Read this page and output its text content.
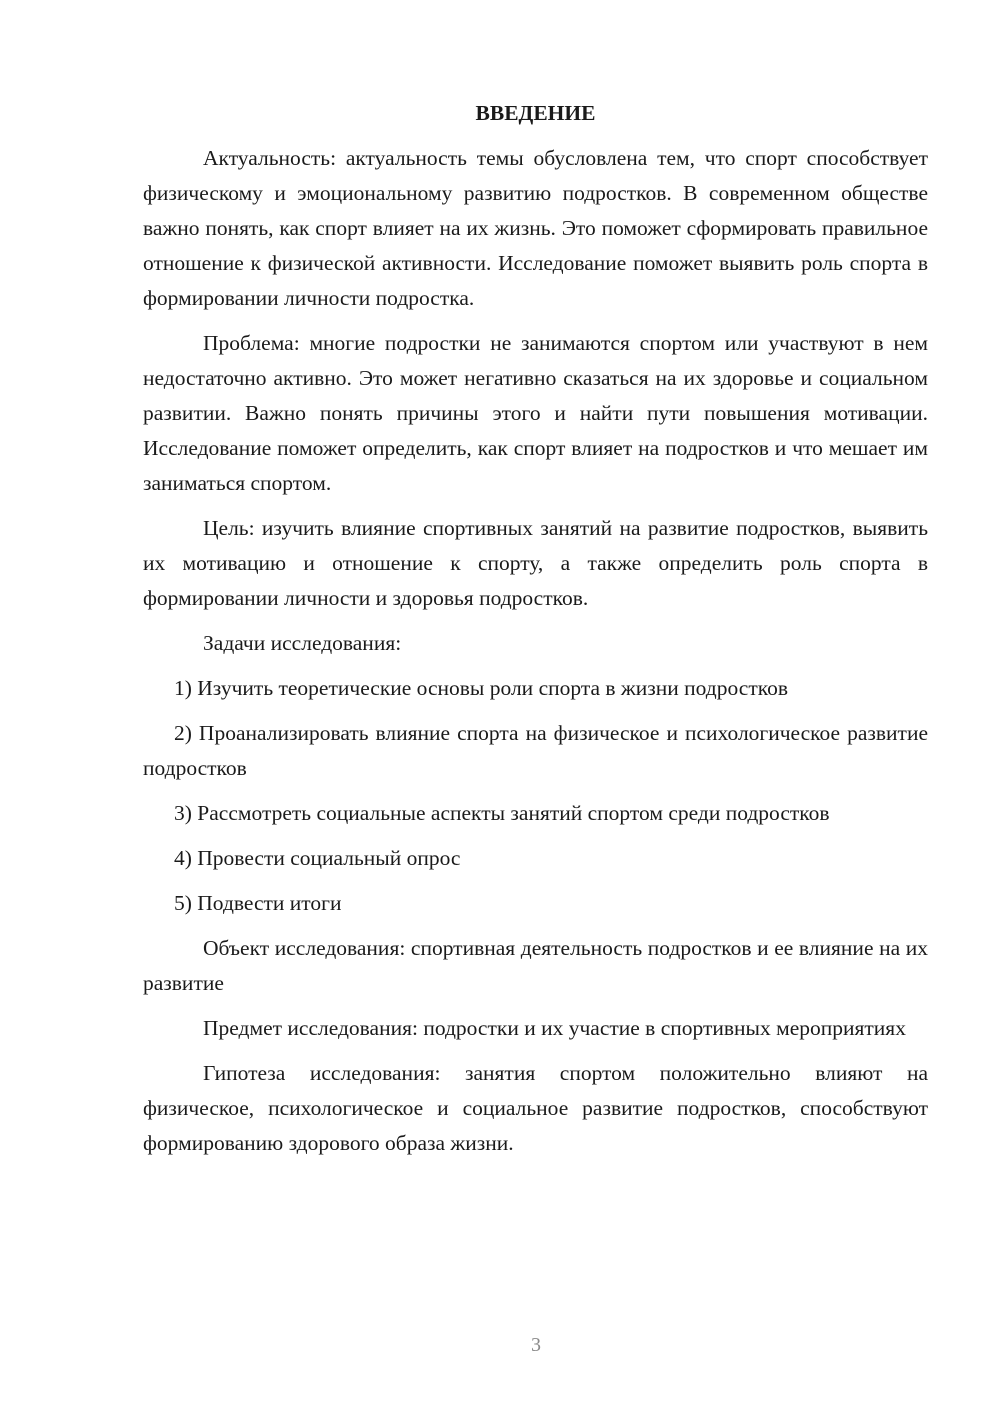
ВВЕДЕНИЕ

Актуальность: актуальность темы обусловлена тем, что спорт способствует физическому и эмоциональному развитию подростков. В современном обществе важно понять, как спорт влияет на их жизнь. Это поможет сформировать правильное отношение к физической активности. Исследование поможет выявить роль спорта в формировании личности подростка.

Проблема: многие подростки не занимаются спортом или участвуют в нем недостаточно активно. Это может негативно сказаться на их здоровье и социальном развитии. Важно понять причины этого и найти пути повышения мотивации. Исследование поможет определить, как спорт влияет на подростков и что мешает им заниматься спортом.

Цель: изучить влияние спортивных занятий на развитие подростков, выявить их мотивацию и отношение к спорту, а также определить роль спорта в формировании личности и здоровья подростков.

Задачи исследования:

1) Изучить теоретические основы роли спорта в жизни подростков

2) Проанализировать влияние спорта на физическое и психологическое развитие подростков

3) Рассмотреть социальные аспекты занятий спортом среди подростков

4) Провести социальный опрос

5) Подвести итоги

Объект исследования: спортивная деятельность подростков и ее влияние на их развитие

Предмет исследования: подростки и их участие в спортивных мероприятиях

Гипотеза исследования: занятия спортом положительно влияют на физическое, психологическое и социальное развитие подростков, способствуют формированию здорового образа жизни.

3
